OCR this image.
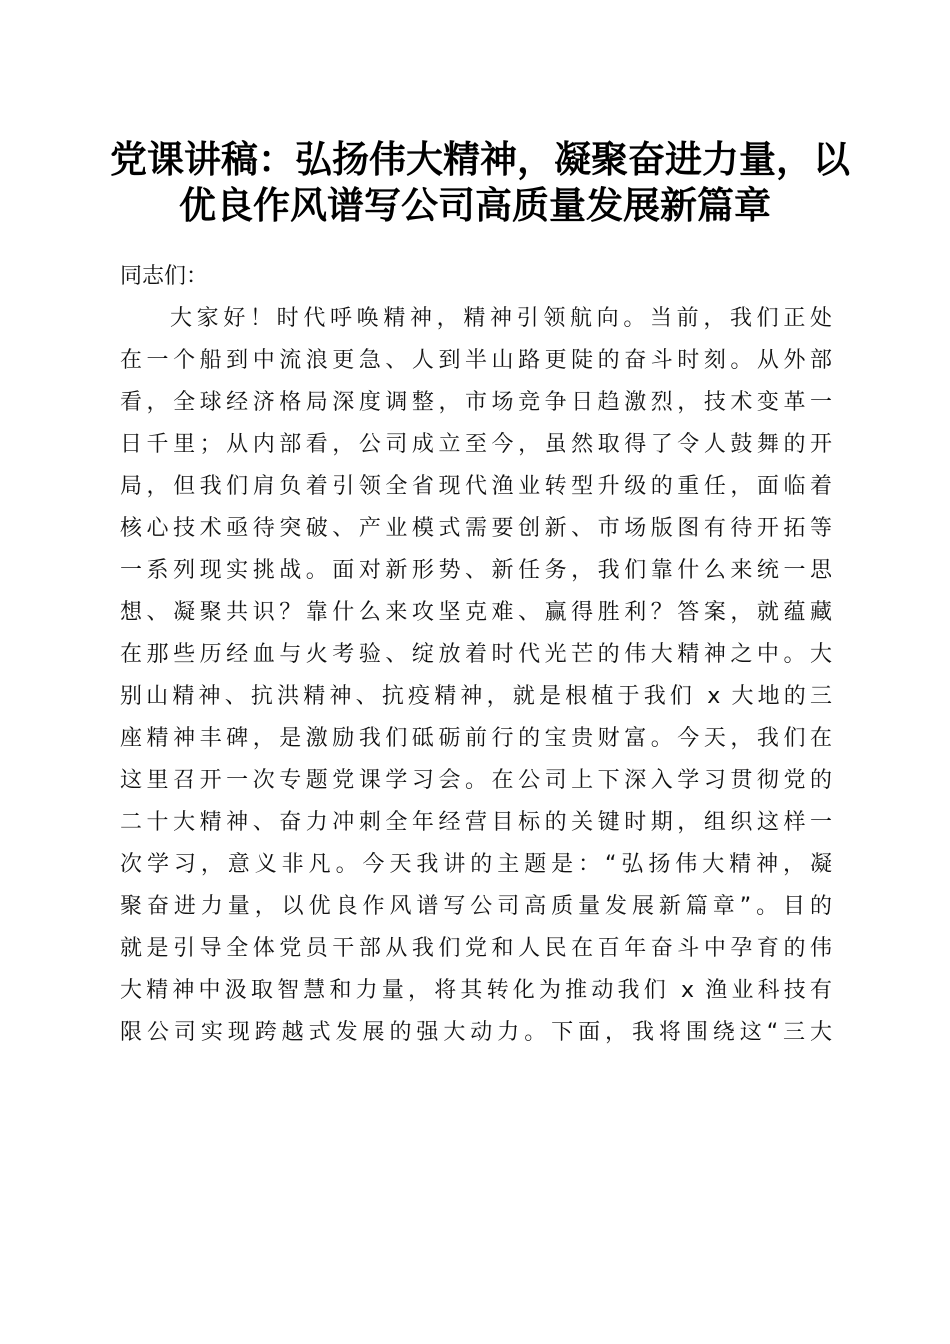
党课讲稿：弘扬伟大精神，凝聚奋进力量，以
优良作风谱写公司高质量发展新篇章

同志们：

大家好！时代呼唤精神，精神引领航向。当前，我们正处
在一个船到中流浪更急、人到半山路更陡的奋斗时刻。从外部
看，全球经济格局深度调整，市场竞争日趋激烈，技术变革一
日千里；从内部看，公司成立至今，虽然取得了令人鼓舞的开
局，但我们肩负着引领全省现代渔业转型升级的重任，面临着
核心技术亟待突破、产业模式需要创新、市场版图有待开拓等
一系列现实挑战。面对新形势、新任务，我们靠什么来统一思
想、凝聚共识？靠什么来攻坚克难、赢得胜利？答案，就蕴藏
在那些历经血与火考验、绽放着时代光芒的伟大精神之中。大
别山精神、抗洪精神、抗疫精神，就是根植于我们 x 大地的三
座精神丰碑，是激励我们砥砺前行的宝贵财富。今天，我们在
这里召开一次专题党课学习会。在公司上下深入学习贯彻党的
二十大精神、奋力冲刺全年经营目标的关键时期，组织这样一
次学习，意义非凡。今天我讲的主题是：“弘扬伟大精神，凝
聚奋进力量，以优良作风谱写公司高质量发展新篇章”。目的
就是引导全体党员干部从我们党和人民在百年奋斗中孕育的伟
大精神中汲取智慧和力量，将其转化为推动我们 x 渔业科技有
限公司实现跨越式发展的强大动力。下面，我将围绕这“三大
